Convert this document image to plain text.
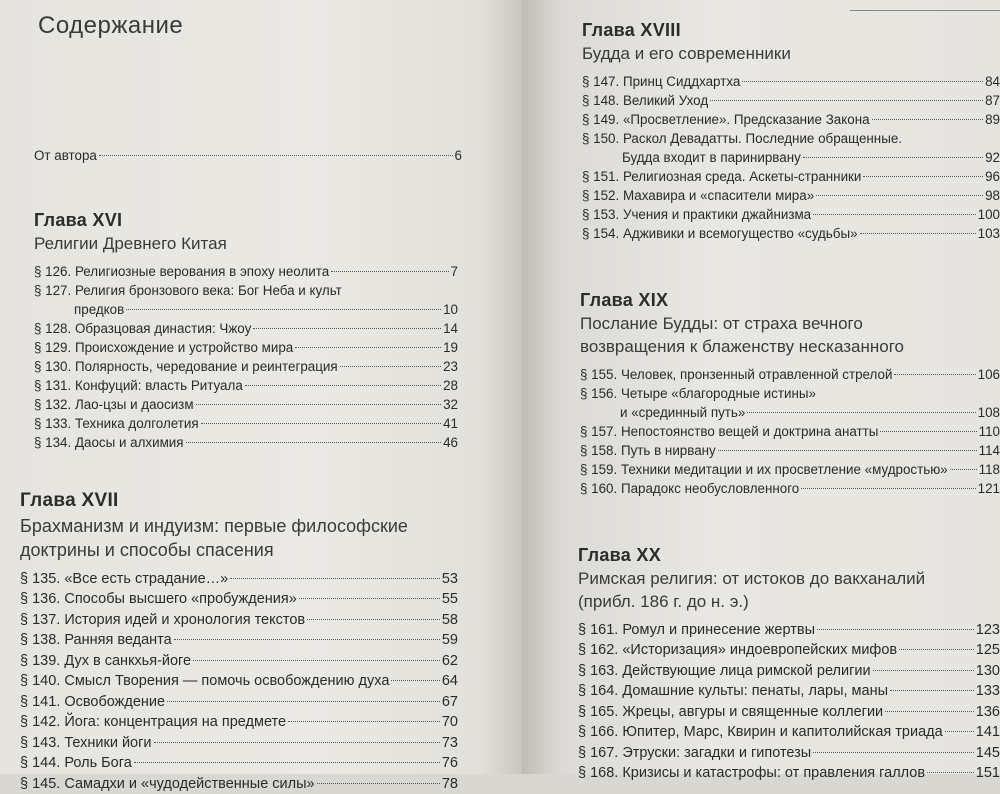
Содержание
От автора	6
Глава XVI
Религии Древнего Китая
§ 126. Религиозные верования в эпоху неолита	7
§ 127. Религия бронзового века: Бог Неба и культ
предков	10
§ 128. Образцовая династия: Чжоу	14
§ 129. Происхождение и устройство мира	19
§ 130. Полярность, чередование и реинтеграция	23
§ 131. Конфуций: власть Ритуала	28
§ 132. Лао-цзы и даосизм	32
§ 133. Техника долголетия	41
§ 134. Даосы и алхимия	46
Глава XVII
Брахманизм и индуизм: первые философские доктрины и способы спасения
§ 135. «Все есть страдание…»	53
§ 136. Способы высшего «пробуждения»	55
§ 137. История идей и хронология текстов	58
§ 138. Ранняя веданта	59
§ 139. Дух в санкхья-йоге	62
§ 140. Смысл Творения — помочь освобождению духа	64
§ 141. Освобождение	67
§ 142. Йога: концентрация на предмете	70
§ 143. Техники йоги	73
§ 144. Роль Бога	76
§ 145. Самадхи и «чудодейственные силы»	78
Глава XVIII
Будда и его современники
§ 147. Принц Сиддхартха	84
§ 148. Великий Уход	87
§ 149. «Просветление». Предсказание Закона	89
§ 150. Раскол Девадатты. Последние обращенные.
Будда входит в паринирвану	92
§ 151. Религиозная среда. Аскеты-странники	96
§ 152. Махавира и «спасители мира»	98
§ 153. Учения и практики джайнизма	100
§ 154. Адживики и всемогущество «судьбы»	103
Глава XIX
Послание Будды: от страха вечного возвращения к блаженству несказанного
§ 155. Человек, пронзенный отравленной стрелой	106
§ 156. Четыре «благородные истины»
и «срединный путь»	108
§ 157. Непостоянство вещей и доктрина анатты	110
§ 158. Путь в нирвану	114
§ 159. Техники медитации и их просветление «мудростью» 118
§ 160. Парадокс необусловленного	121
Глава XX
Римская религия: от истоков до вакханалий (прибл. 186 г. до н. э.)
§ 161. Ромул и принесение жертвы	123
§ 162. «Историзация» индоевропейских мифов	125
§ 163. Действующие лица римской религии	130
§ 164. Домашние культы: пенаты, лары, маны	133
§ 165. Жрецы, авгуры и священные коллегии	136
§ 166. Юпитер, Марс, Квирин и капитолийская триада 141
§ 167. Этруски: загадки и гипотезы	145
§ 168. Кризисы и катастрофы: от правления галлов	151
